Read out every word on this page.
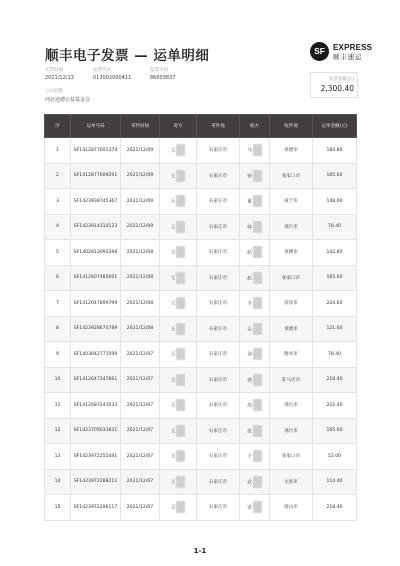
顺丰电子发票 — 运单明细	SF	EXPRESS
顺丰速运
开票时间
2021/12/13
发票代码
013002000411
发票号码
86603837
公司名称
河北迹德公益基金会
发票金额(元)
2,300.40
序	运单号码	寄件时间	寄方	寄件地	收方	收件地	运单金额(元)
1	SF1412877601374	2021/12/09	王	石家庄市	马	承德市	184.80
2	SF1412877609291	2021/12/09	王	石家庄市	钟	张家口市	165.60
3	SF1423938745367	2021/12/09	王	石家庄市	董	咸宁市	148.00
4	SF1423914310123	2021/12/09	王	石家庄市	韩	邢台市	78.40
5	SF1402813092298	2021/12/08	王	石家庄市	赵	承德市	142.80
6	SF1412607485601	2021/12/08	王	石家庄市	赵	张家口市	165.60
7	SF1412647899799	2021/12/08	王	石家庄市	韦	菏泽市	224.60
8	SF1423928670789	2021/12/08	王	石家庄市	吕	承德市	121.60
9	SF1403842771599	2021/12/07	王	石家庄市	刘	衡水市	78.40
10	SF1412647247661	2021/12/07	王	石家庄市	郭	驻马店市	218.40
11	SF1412687243033	2021/12/07	王	石家庄市	高	邢台市	222.40
12	SF1423705033831	2021/12/07	王	石家庄市	范	邢台市	165.60
13	SF1423972255441	2021/12/07	王	石家庄市	于	张家口市	52.00
14	SF1423972288211	2021/12/07	王	石家庄市	武	太原市	114.40
15	SF1423972296117	2021/12/07	王	石家庄市	安	唐山市	218.40
1-1
